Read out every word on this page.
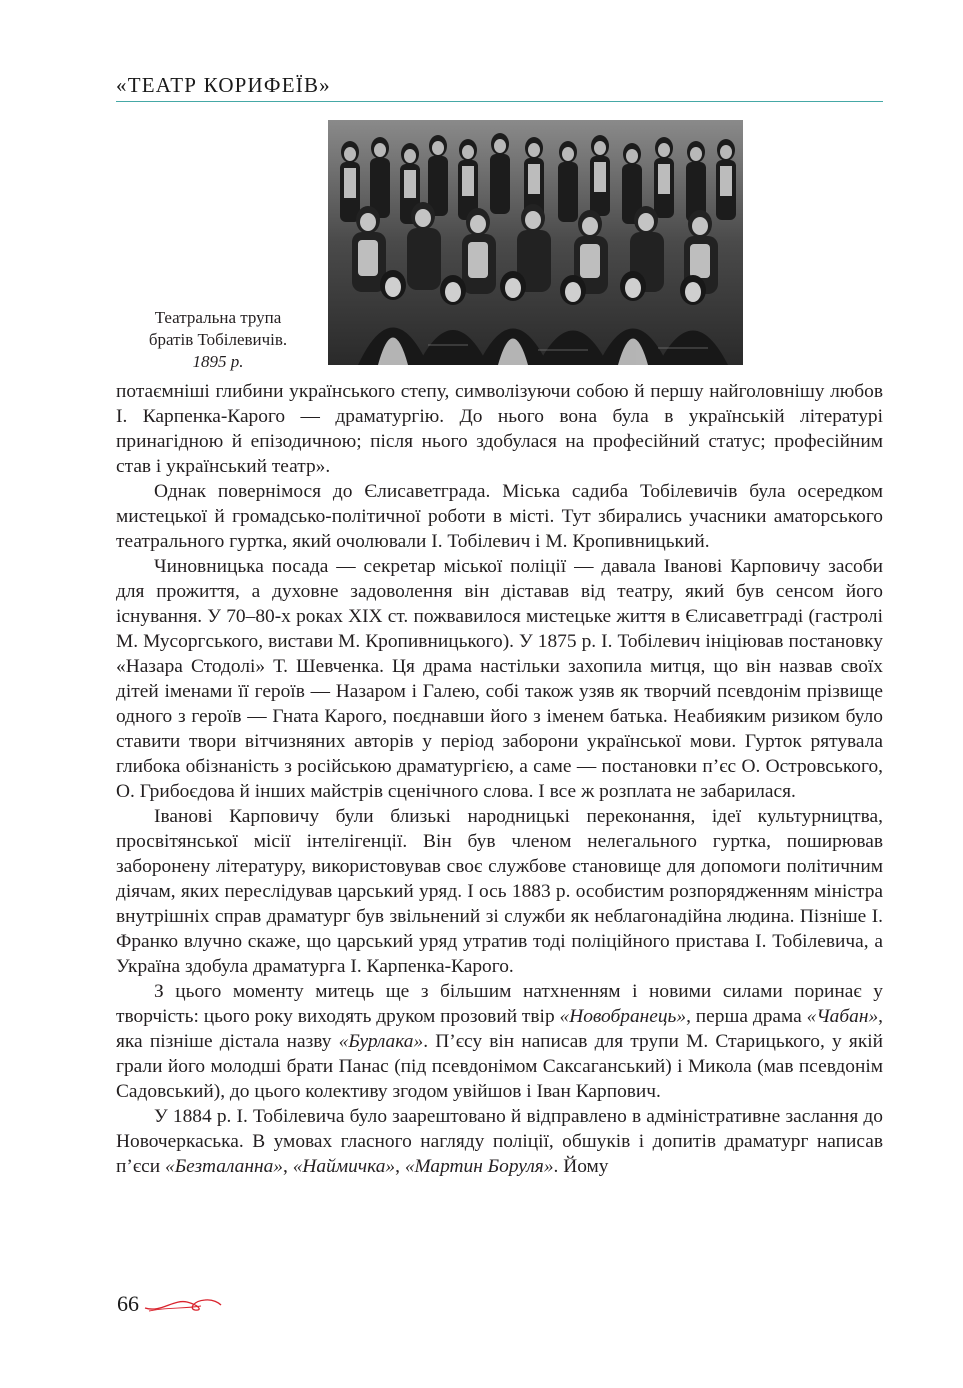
«ТЕАТР КОРИФЕЇВ»
Театральна трупа
братів Тобілевичів.
1895 р.

потаємніші глибини українського степу, символізуючи собою й першу найголовнішу любов І. Карпенка-Карого — драматургію. До нього вона була в українській літературі принагідною й епізодичною; після нього здобулася на професійний статус; професійним став і український театр».

Однак повернімося до Єлисаветграда. Міська садиба Тобілевичів була осередком мистецької й громадсько-політичної роботи в місті. Тут збирались учасники аматорського театрального гуртка, який очолювали І. Тобілевич і М. Кропивницький.

Чиновницька посада — секретар міської поліції — давала Іванові Карповичу засоби для прожиття, а духовне задоволення він діставав від театру, який був сенсом його існування. У 70–80-х роках XIX ст. пожвавилося мистецьке життя в Єлисаветграді (гастролі М. Мусоргського, вистави М. Кропивницького). У 1875 р. І. Тобілевич ініціював постановку «Назара Стодолі» Т. Шевченка. Ця драма настільки захопила митця, що він назвав своїх дітей іменами її героїв — Назаром і Галею, собі також узяв як творчий псевдонім прізвище одного з героїв — Гната Карого, поєднавши його з іменем батька. Неабияким ризиком було ставити твори вітчизняних авторів у період заборони української мови. Гурток рятувала глибока обізнаність з російською драматургією, а саме — постановки п’єс О. Островського, О. Грибоєдова й інших майстрів сценічного слова. І все ж розплата не забарилася.

Іванові Карповичу були близькі народницькі переконання, ідеї культурництва, просвітянської місії інтелігенції. Він був членом нелегального гуртка, поширював заборонену літературу, використовував своє службове становище для допомоги політичним діячам, яких переслідував царський уряд. І ось 1883 р. особистим розпорядженням міністра внутрішніх справ драматург був звільнений зі служби як неблагонадійна людина. Пізніше І. Франко влучно скаже, що царський уряд утратив тоді поліційного пристава І. Тобілевича, а Україна здобула драматурга І. Карпенка-Карого.

З цього моменту митець ще з більшим натхненням і новими силами поринає у творчість: цього року виходять друком прозовий твір «Новобранець», перша драма «Чабан», яка пізніше дістала назву «Бурлака». П’єсу він написав для трупи М. Старицького, у якій грали його молодші брати Панас (під псевдонімом Саксаганський) і Микола (мав псевдонім Садовський), до цього колективу згодом увійшов і Іван Карпович.

У 1884 р. І. Тобілевича було заарештовано й відправлено в адміністративне заслання до Новочеркаська. В умовах гласного нагляду поліції, обшуків і допитів драматург написав п’єси «Безталанна», «Наймичка», «Мартин Боруля». Йому

66
